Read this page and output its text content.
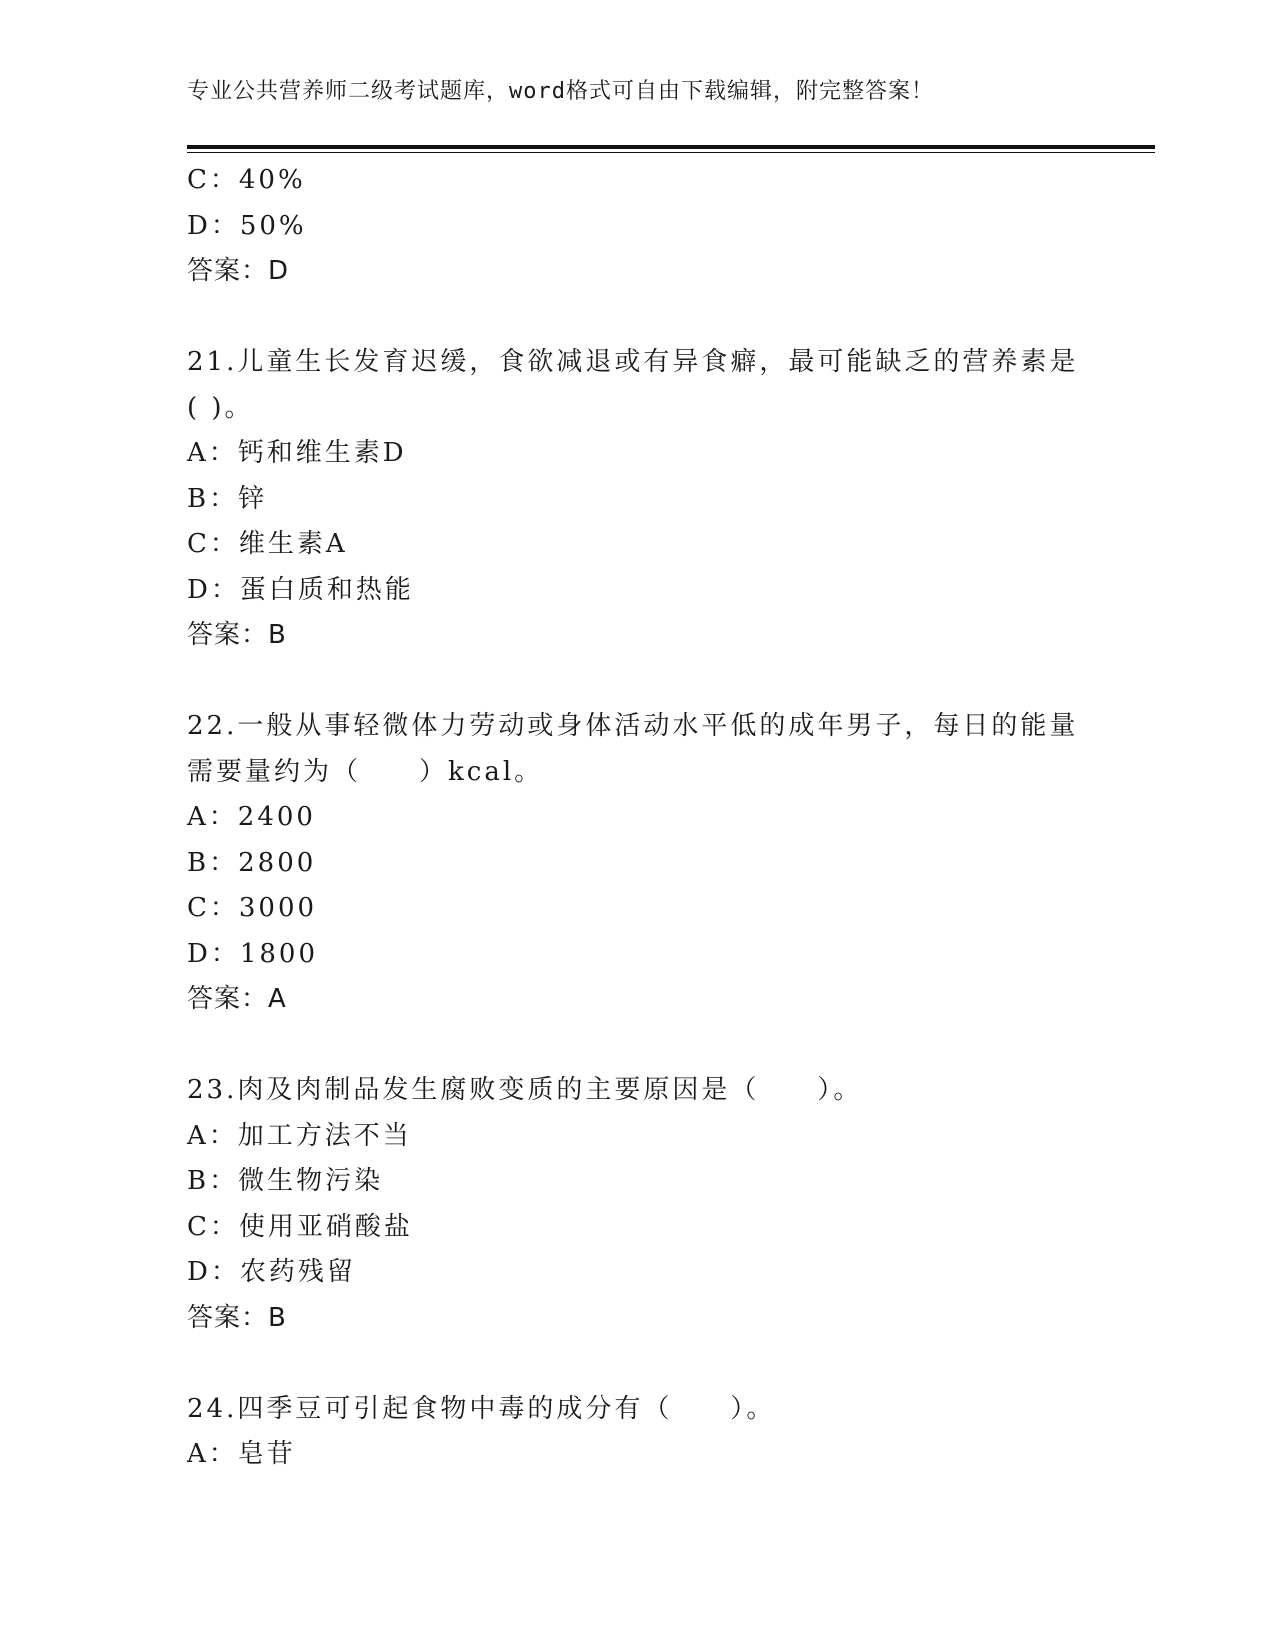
专业公共营养师二级考试题库，word格式可自由下载编辑，附完整答案！
C：40%
D：50%
答案：D
21.儿童生长发育迟缓，食欲减退或有异食癖，最可能缺乏的营养素是
( )。
A：钙和维生素D
B：锌
C：维生素A
D：蛋白质和热能
答案：B
22.一般从事轻微体力劳动或身体活动水平低的成年男子，每日的能量
需要量约为（　　）kcal。
A：2400
B：2800
C：3000
D：1800
答案：A
23.肉及肉制品发生腐败变质的主要原因是（　　）。
A：加工方法不当
B：微生物污染
C：使用亚硝酸盐
D：农药残留
答案：B
24.四季豆可引起食物中毒的成分有（　　）。
A：皂苷
